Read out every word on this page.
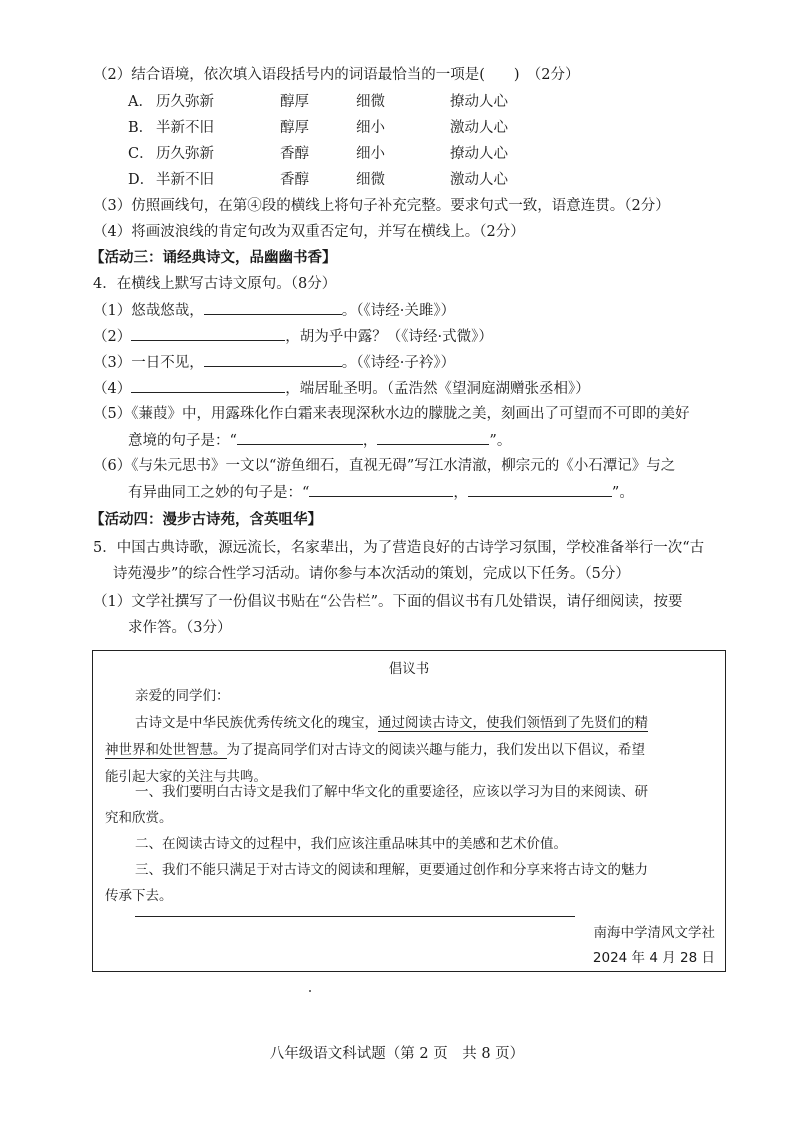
（2）结合语境，依次填入语段括号内的词语最恰当的一项是(　　)　（2分）
A． 历久弥新	醇厚	细微	撩动人心
B． 半新不旧	醇厚	细小	激动人心
C． 历久弥新	香醇	细小	撩动人心
D． 半新不旧	香醇	细微	激动人心
（3）仿照画线句，在第④段的横线上将句子补充完整。要求句式一致，语意连贯。（2分）
（4）将画波浪线的肯定句改为双重否定句，并写在横线上。（2分）
【活动三：诵经典诗文，品幽幽书香】
4．在横线上默写古诗文原句。（8分）
（1）悠哉悠哉，	。（《诗经·关雎》）
（2）	，胡为乎中露？（《诗经·式微》）
（3）一日不见，	。（《诗经·子衿》）
（4）	，端居耻圣明。（孟浩然《望洞庭湖赠张丞相》）
（5）《蒹葭》中，用露珠化作白霜来表现深秋水边的朦胧之美，刻画出了可望而不可即的美好
意境的句子是：“	，	”。
（6）《与朱元思书》一文以“游鱼细石，直视无碍”写江水清澈，柳宗元的《小石潭记》与之
有异曲同工之妙的句子是：“	，	”。
【活动四：漫步古诗苑，含英咀华】
5．中国古典诗歌，源远流长，名家辈出，为了营造良好的古诗学习氛围，学校准备举行一次“古
诗苑漫步”的综合性学习活动。请你参与本次活动的策划，完成以下任务。（5分）
（1）文学社撰写了一份倡议书贴在“公告栏”。下面的倡议书有几处错误，请仔细阅读，按要
求作答。（3分）
倡议书
亲爱的同学们：
古诗文是中华民族优秀传统文化的瑰宝，通过阅读古诗文，使我们领悟到了先贤们的精
神世界和处世智慧。为了提高同学们对古诗文的阅读兴趣与能力，我们发出以下倡议，希望
能引起大家的关注与共鸣。
一、我们要明白古诗文是我们了解中华文化的重要途径，应该以学习为目的来阅读、研
究和欣赏。
二、在阅读古诗文的过程中，我们应该注重品味其中的美感和艺术价值。
三、我们不能只满足于对古诗文的阅读和理解，更要通过创作和分享来将古诗文的魅力
传承下去。
南海中学清风文学社
2024 年 4 月 28 日
八年级语文科试题（第 2 页　共 8 页）
